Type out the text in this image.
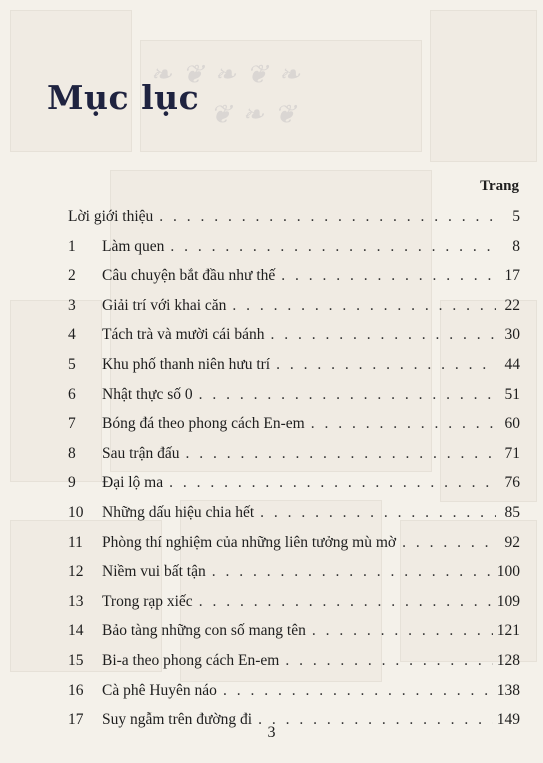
❧ ❦ ❧ ❦ ❧
❦ ❧ ❦
Mục lục
Trang
Lời giới thiệu . . .	5
1	Làm quen . . .	8
2	Câu chuyện bắt đầu như thế . . .	17
3	Giải trí với khai căn . . .	22
4	Tách trà và mười cái bánh . . .	30
5	Khu phố thanh niên hưu trí . . .	44
6	Nhật thực số 0 . . .	51
7	Bóng đá theo phong cách En-em . . .	60
8	Sau trận đấu . . .	71
9	Đại lộ ma . . .	76
10	Những dấu hiệu chia hết . . .	85
11	Phòng thí nghiệm của những liên tưởng mù mờ . . .	92
12	Niềm vui bất tận . . .	100
13	Trong rạp xiếc . . .	109
14	Bảo tàng những con số mang tên . . .	121
15	Bi-a theo phong cách En-em . . .	128
16	Cà phê Huyên náo . . .	138
17	Suy ngẫm trên đường đi . . .	149
3
